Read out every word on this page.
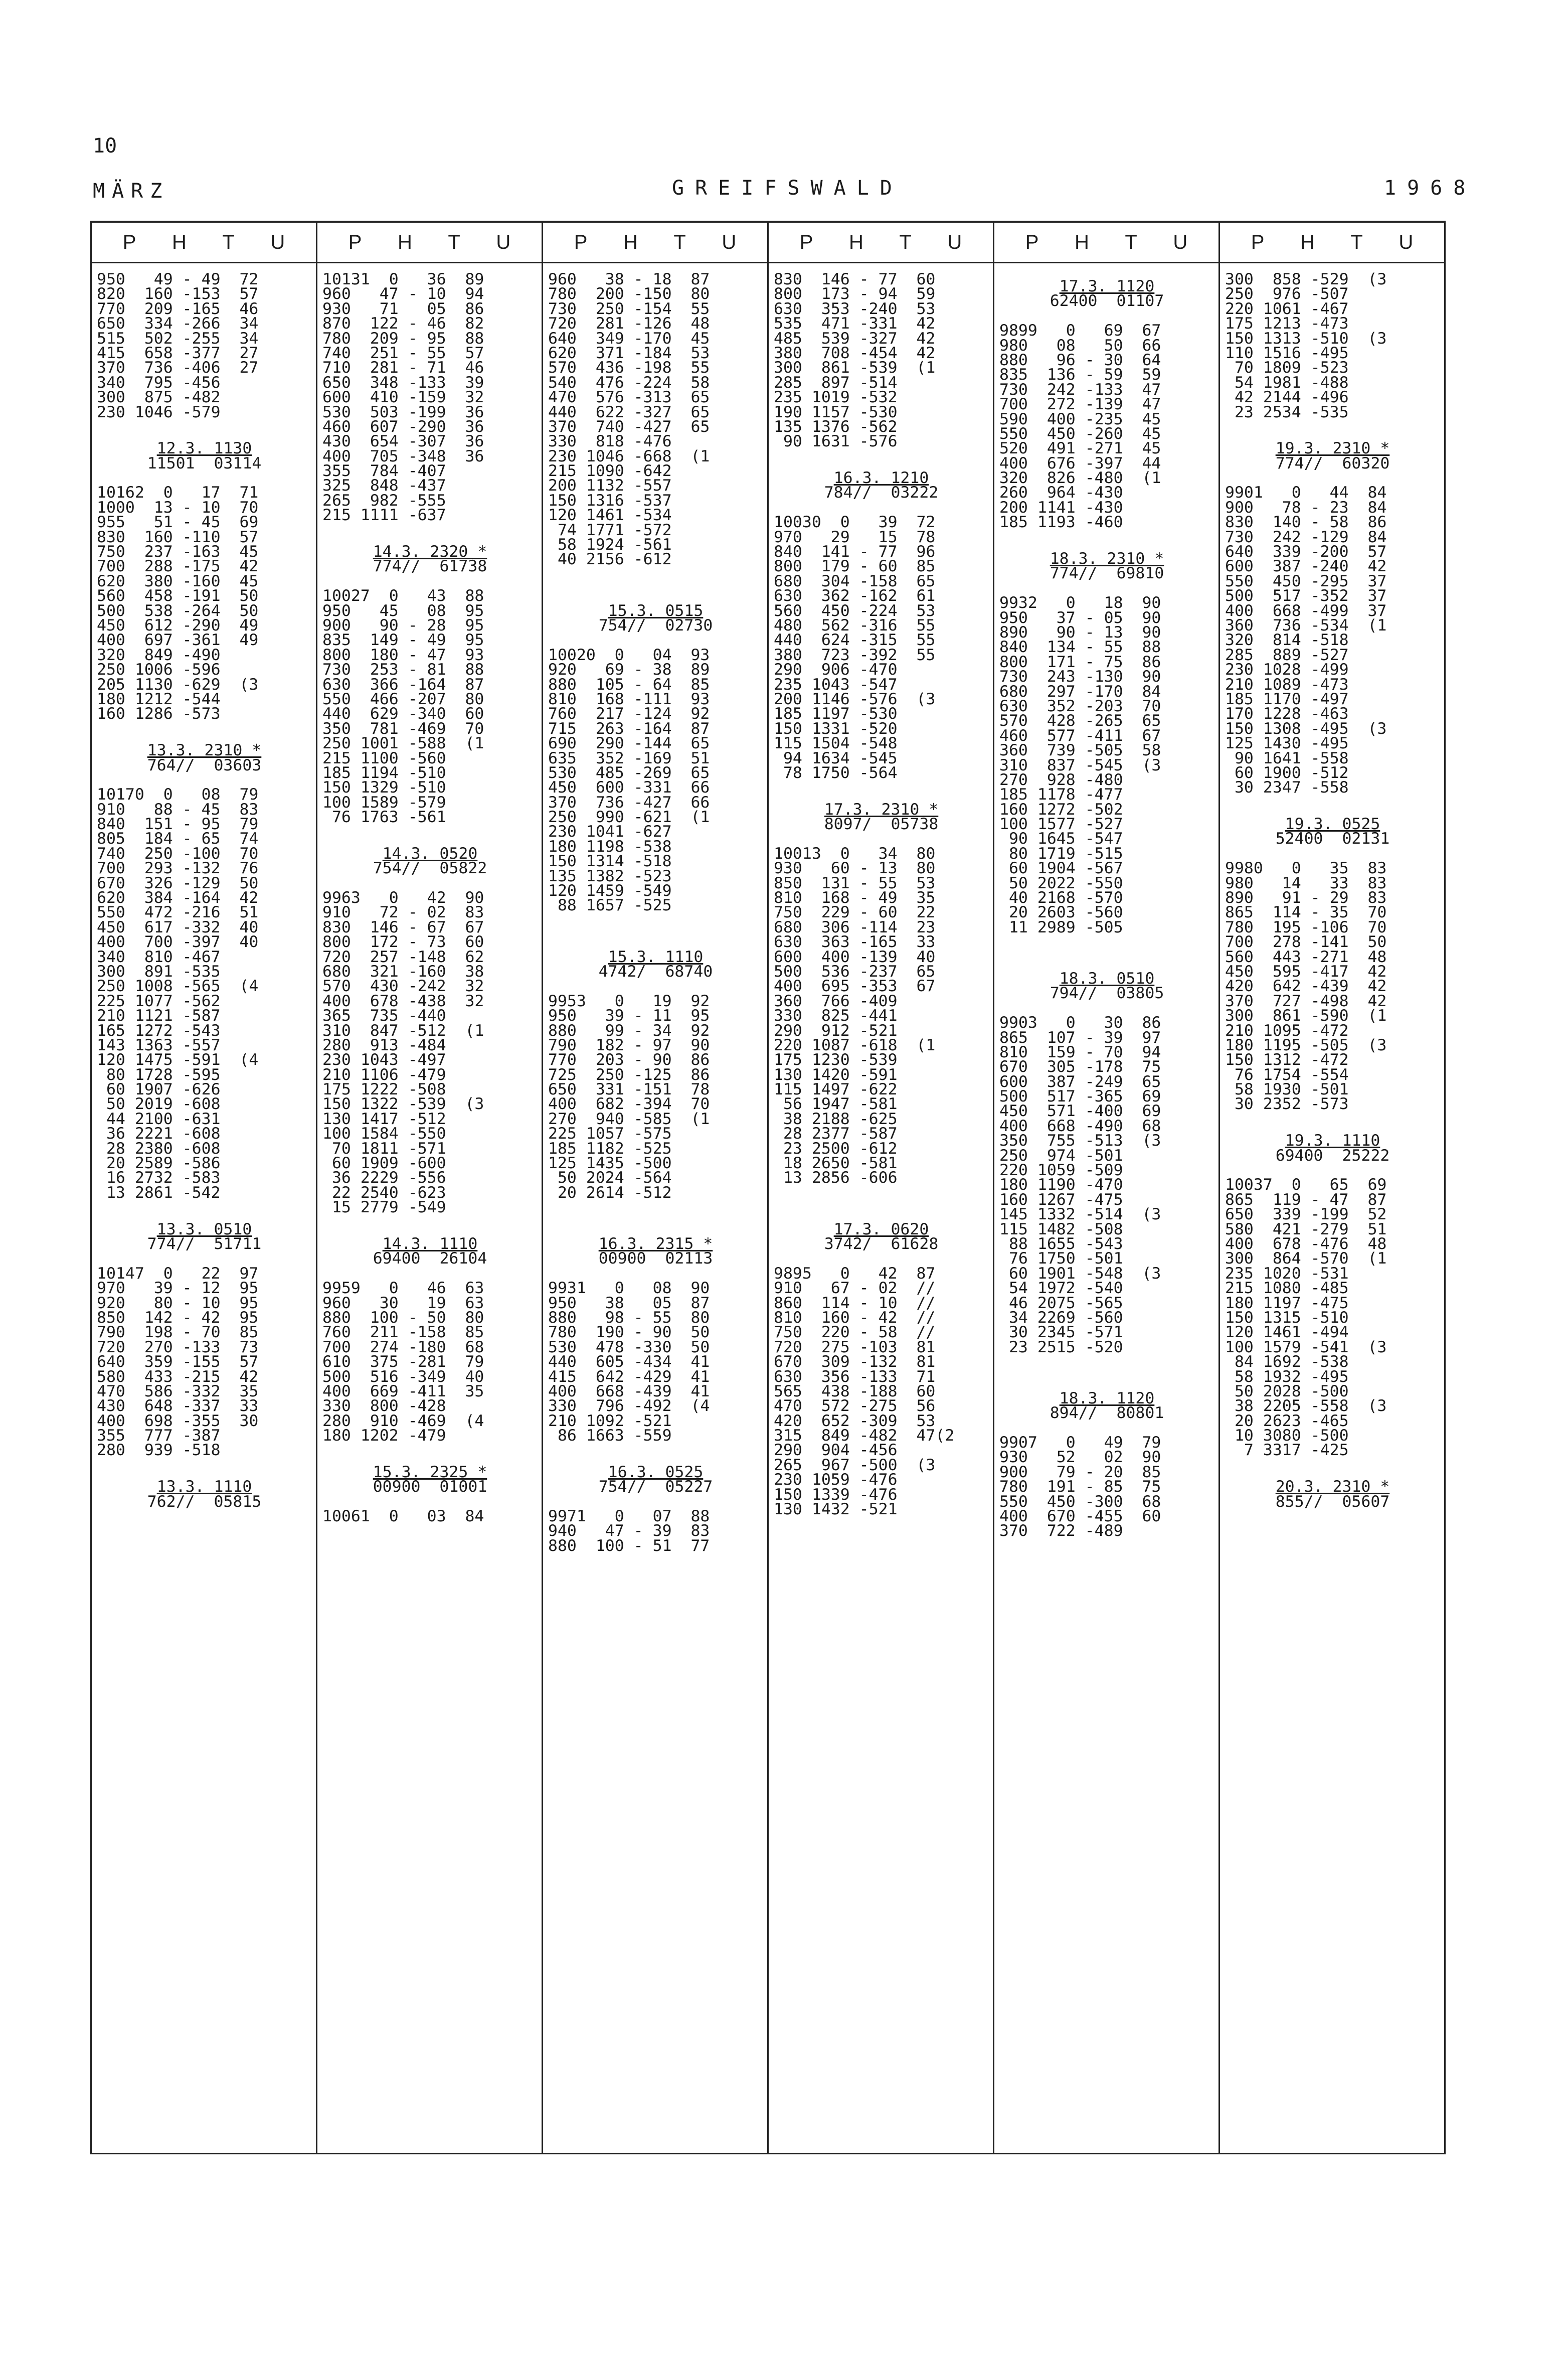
10
MÄRZ	GREIFSWALD	1968
P H T U
950   49 - 49  72
820  160 -153  57
770  209 -165  46
650  334 -266  34
515  502 -255  34
415  658 -377  27
370  736 -406  27
340  795 -456
300  875 -482
230 1046 -579
12.3. 1130
11501  03114
10162  0   17  71
1000  13 - 10  70
955   51 - 45  69
830  160 -110  57
750  237 -163  45
700  288 -175  42
620  380 -160  45
560  458 -191  50
500  538 -264  50
450  612 -290  49
400  697 -361  49
320  849 -490
250 1006 -596
205 1130 -629  (3
180 1212 -544
160 1286 -573
13.3. 2310 *
764//  03603
10170  0   08  79
910   88 - 45  83
840  151 - 95  79
805  184 - 65  74
740  250 -100  70
700  293 -132  76
670  326 -129  50
620  384 -164  42
550  472 -216  51
450  617 -332  40
400  700 -397  40
340  810 -467
300  891 -535
250 1008 -565  (4
225 1077 -562
210 1121 -587
165 1272 -543
143 1363 -557
120 1475 -591  (4
80 1728 -595
60 1907 -626
50 2019 -608
44 2100 -631
36 2221 -608
28 2380 -608
20 2589 -586
16 2732 -583
13 2861 -542
13.3. 0510
774//  51711
10147  0   22  97
970   39 - 12  95
920   80 - 10  95
850  142 - 42  95
790  198 - 70  85
720  270 -133  73
640  359 -155  57
580  433 -215  42
470  586 -332  35
430  648 -337  33
400  698 -355  30
355  777 -387
280  939 -518
13.3. 1110
762//  05815
P H T U
10131  0   36  89
960   47 - 10  94
930   71   05  86
870  122 - 46  82
780  209 - 95  88
740  251 - 55  57
710  281 - 71  46
650  348 -133  39
600  410 -159  32
530  503 -199  36
460  607 -290  36
430  654 -307  36
400  705 -348  36
355  784 -407
325  848 -437
265  982 -555
215 1111 -637
14.3. 2320 *
774//  61738
10027  0   43  88
950   45   08  95
900   90 - 28  95
835  149 - 49  95
800  180 - 47  93
730  253 - 81  88
630  366 -164  87
550  466 -207  80
440  629 -340  60
350  781 -469  70
250 1001 -588  (1
215 1100 -560
185 1194 -510
150 1329 -510
100 1589 -579
76 1763 -561
14.3. 0520
754//  05822
9963   0   42  90
910   72 - 02  83
830  146 - 67  67
800  172 - 73  60
720  257 -148  62
680  321 -160  38
570  430 -242  32
400  678 -438  32
365  735 -440
310  847 -512  (1
280  913 -484
230 1043 -497
210 1106 -479
175 1222 -508
150 1322 -539  (3
130 1417 -512
100 1584 -550
70 1811 -571
60 1909 -600
36 2229 -556
22 2540 -623
15 2779 -549
14.3. 1110
69400  26104
9959   0   46  63
960   30   19  63
880  100 - 50  80
760  211 -158  85
700  274 -180  68
610  375 -281  79
500  516 -349  40
400  669 -411  35
330  800 -428
280  910 -469  (4
180 1202 -479
15.3. 2325 *
00900  01001
10061  0   03  84
P H T U
960   38 - 18  87
780  200 -150  80
730  250 -154  55
720  281 -126  48
640  349 -170  45
620  371 -184  53
570  436 -198  55
540  476 -224  58
470  576 -313  65
440  622 -327  65
370  740 -427  65
330  818 -476
230 1046 -668  (1
215 1090 -642
200 1132 -557
150 1316 -537
120 1461 -534
74 1771 -572
58 1924 -561
40 2156 -612
15.3. 0515
754//  02730
10020  0   04  93
920   69 - 38  89
880  105 - 64  85
810  168 -111  93
760  217 -124  92
715  263 -164  87
690  290 -144  65
635  352 -169  51
530  485 -269  65
450  600 -331  66
370  736 -427  66
250  990 -621  (1
230 1041 -627
180 1198 -538
150 1314 -518
135 1382 -523
120 1459 -549
88 1657 -525
15.3. 1110
4742/  68740
9953   0   19  92
950   39 - 11  95
880   99 - 34  92
790  182 - 97  90
770  203 - 90  86
725  250 -125  86
650  331 -151  78
400  682 -394  70
270  940 -585  (1
225 1057 -575
185 1182 -525
125 1435 -500
50 2024 -564
20 2614 -512
16.3. 2315 *
00900  02113
9931   0   08  90
950   38   05  87
880   98 - 55  80
780  190 - 90  50
530  478 -330  50
440  605 -434  41
415  642 -429  41
400  668 -439  41
330  796 -492  (4
210 1092 -521
86 1663 -559
16.3. 0525
754//  05227
9971   0   07  88
940   47 - 39  83
880  100 - 51  77
P H T U
830  146 - 77  60
800  173 - 94  59
630  353 -240  53
535  471 -331  42
485  539 -327  42
380  708 -454  42
300  861 -539  (1
285  897 -514
235 1019 -532
190 1157 -530
135 1376 -562
90 1631 -576
16.3. 1210
784//  03222
10030  0   39  72
970   29   15  78
840  141 - 77  96
800  179 - 60  85
680  304 -158  65
630  362 -162  61
560  450 -224  53
480  562 -316  55
440  624 -315  55
380  723 -392  55
290  906 -470
235 1043 -547
200 1146 -576  (3
185 1197 -530
150 1331 -520
115 1504 -548
94 1634 -545
78 1750 -564
17.3. 2310 *
8097/  05738
10013  0   34  80
930   60 - 13  80
850  131 - 55  53
810  168 - 49  35
750  229 - 60  22
680  306 -114  23
630  363 -165  33
600  400 -139  40
500  536 -237  65
400  695 -353  67
360  766 -409
330  825 -441
290  912 -521
220 1087 -618  (1
175 1230 -539
130 1420 -591
115 1497 -622
56 1947 -581
38 2188 -625
28 2377 -587
23 2500 -612
18 2650 -581
13 2856 -606
17.3. 0620
3742/  61628
9895   0   42  87
910   67 - 02  //
860  114 - 10  //
810  160 - 42  //
750  220 - 58  //
720  275 -103  81
670  309 -132  81
630  356 -133  71
565  438 -188  60
470  572 -275  56
420  652 -309  53
315  849 -482  47(2
290  904 -456
265  967 -500  (3
230 1059 -476
150 1339 -476
130 1432 -521
P H T U
17.3. 1120
62400  01107
9899   0   69  67
980   08   50  66
880   96 - 30  64
835  136 - 59  59
730  242 -133  47
700  272 -139  47
590  400 -235  45
550  450 -260  45
520  491 -271  45
400  676 -397  44
320  826 -480  (1
260  964 -430
200 1141 -430
185 1193 -460
18.3. 2310 *
774//  69810
9932   0   18  90
950   37 - 05  90
890   90 - 13  90
840  134 - 55  88
800  171 - 75  86
730  243 -130  90
680  297 -170  84
630  352 -203  70
570  428 -265  65
460  577 -411  67
360  739 -505  58
310  837 -545  (3
270  928 -480
185 1178 -477
160 1272 -502
100 1577 -527
90 1645 -547
80 1719 -515
60 1904 -567
50 2022 -550
40 2168 -570
20 2603 -560
11 2989 -505
18.3. 0510
794//  03805
9903   0   30  86
865  107 - 39  97
810  159 - 70  94
670  305 -178  75
600  387 -249  65
500  517 -365  69
450  571 -400  69
400  668 -490  68
350  755 -513  (3
250  974 -501
220 1059 -509
180 1190 -470
160 1267 -475
145 1332 -514  (3
115 1482 -508
88 1655 -543
76 1750 -501
60 1901 -548  (3
54 1972 -540
46 2075 -565
34 2269 -560
30 2345 -571
23 2515 -520
18.3. 1120
894//  80801
9907   0   49  79
930   52   02  90
900   79 - 20  85
780  191 - 85  75
550  450 -300  68
400  670 -455  60
370  722 -489
P H T U
300  858 -529  (3
250  976 -507
220 1061 -467
175 1213 -473
150 1313 -510  (3
110 1516 -495
70 1809 -523
54 1981 -488
42 2144 -496
23 2534 -535
19.3. 2310 *
774//  60320
9901   0   44  84
900   78 - 23  84
830  140 - 58  86
730  242 -129  84
640  339 -200  57
600  387 -240  42
550  450 -295  37
500  517 -352  37
400  668 -499  37
360  736 -534  (1
320  814 -518
285  889 -527
230 1028 -499
210 1089 -473
185 1170 -497
170 1228 -463
150 1308 -495  (3
125 1430 -495
90 1641 -558
60 1900 -512
30 2347 -558
19.3. 0525
52400  02131
9980   0   35  83
980   14   33  83
890   91 - 29  83
865  114 - 35  70
780  195 -106  70
700  278 -141  50
560  443 -271  48
450  595 -417  42
420  642 -439  42
370  727 -498  42
300  861 -590  (1
210 1095 -472
180 1195 -505  (3
150 1312 -472
76 1754 -554
58 1930 -501
30 2352 -573
19.3. 1110
69400  25222
10037  0   65  69
865  119 - 47  87
650  339 -199  52
580  421 -279  51
400  678 -476  48
300  864 -570  (1
235 1020 -531
215 1080 -485
180 1197 -475
150 1315 -510
120 1461 -494
100 1579 -541  (3
84 1692 -538
58 1932 -495
50 2028 -500
38 2205 -558  (3
20 2623 -465
10 3080 -500
7 3317 -425
20.3. 2310 *
855//  05607
